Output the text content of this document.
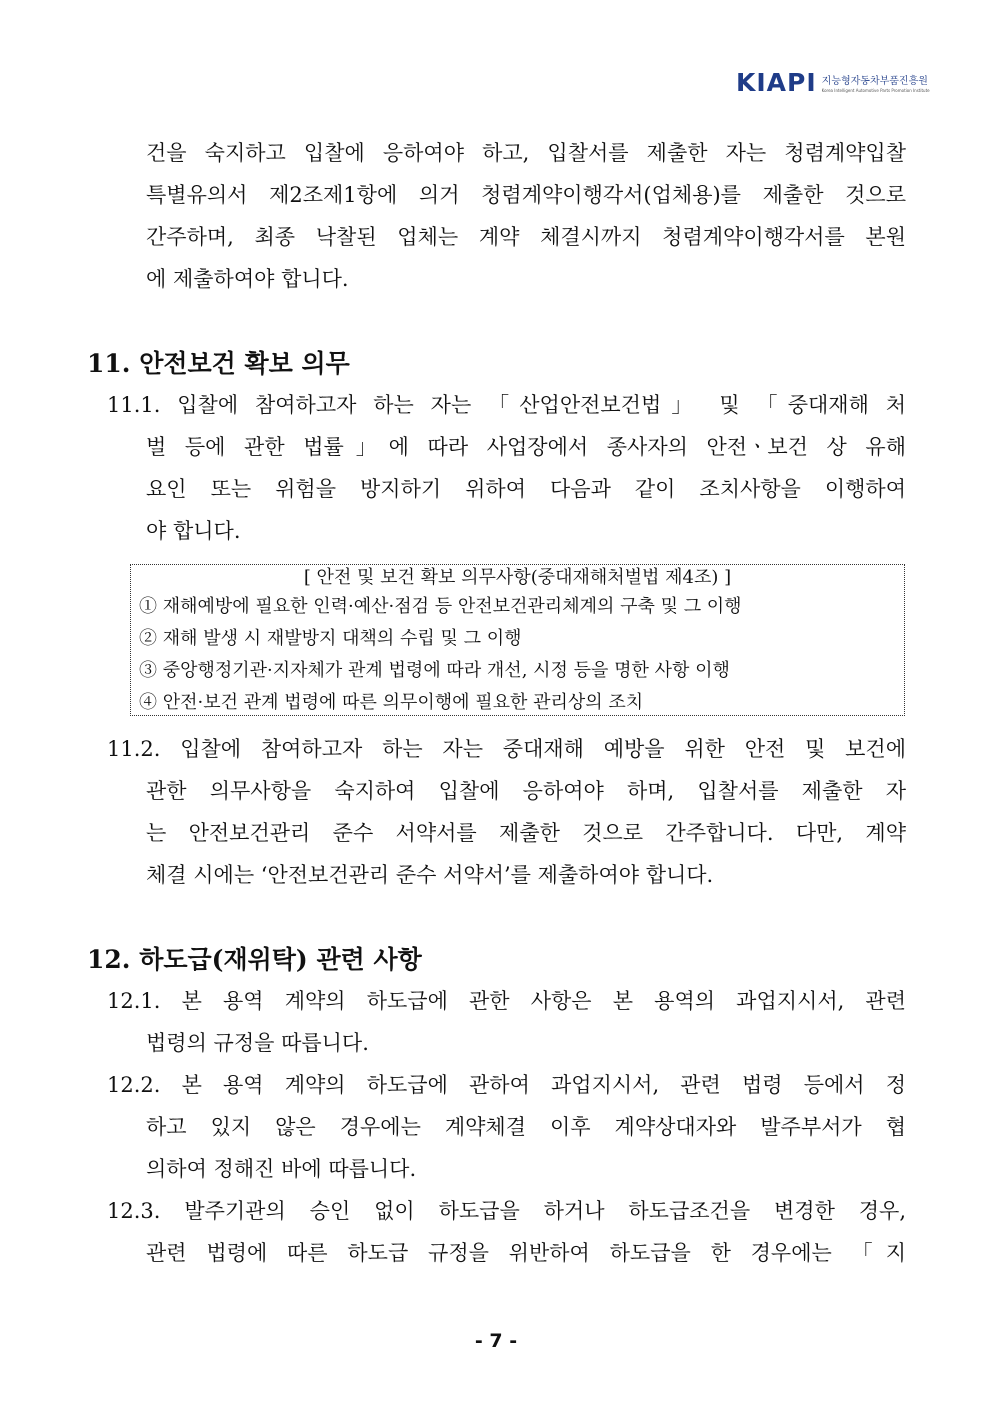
KIAPI 지능형자동차부품진흥원
Korea Intelligent Automotive Parts Promotion Institute
건을 숙지하고 입찰에 응하여야 하고, 입찰서를 제출한 자는 청렴계약입찰
특별유의서 제2조제1항에 의거 청렴계약이행각서(업체용)를 제출한 것으로
간주하며, 최종 낙찰된 업체는 계약 체결시까지 청렴계약이행각서를 본원
에 제출하여야 합니다.
11. 안전보건 확보 의무
11.1. 입찰에 참여하고자 하는 자는 「산업안전보건법」 및 「중대재해 처
벌 등에 관한 법률」에 따라 사업장에서 종사자의 안전ㆍ보건 상 유해
요인 또는 위험을 방지하기 위하여 다음과 같이 조치사항을 이행하여
야 합니다.
[ 안전 및 보건 확보 의무사항(중대재해처벌법 제4조) ]
① 재해예방에 필요한 인력·예산·점검 등 안전보건관리체계의 구축 및 그 이행
② 재해 발생 시 재발방지 대책의 수립 및 그 이행
③ 중앙행정기관·지자체가 관계 법령에 따라 개선, 시정 등을 명한 사항 이행
④ 안전·보건 관계 법령에 따른 의무이행에 필요한 관리상의 조치
11.2. 입찰에 참여하고자 하는 자는 중대재해 예방을 위한 안전 및 보건에
관한 의무사항을 숙지하여 입찰에 응하여야 하며, 입찰서를 제출한 자
는 안전보건관리 준수 서약서를 제출한 것으로 간주합니다. 다만, 계약
체결 시에는 ‘안전보건관리 준수 서약서’를 제출하여야 합니다.
12. 하도급(재위탁) 관련 사항
12.1. 본 용역 계약의 하도급에 관한 사항은 본 용역의 과업지시서, 관련
법령의 규정을 따릅니다.
12.2. 본 용역 계약의 하도급에 관하여 과업지시서, 관련 법령 등에서 정
하고 있지 않은 경우에는 계약체결 이후 계약상대자와 발주부서가 협
의하여 정해진 바에 따릅니다.
12.3. 발주기관의 승인 없이 하도급을 하거나 하도급조건을 변경한 경우,
관련 법령에 따른 하도급 규정을 위반하여 하도급을 한 경우에는 「지
- 7 -
